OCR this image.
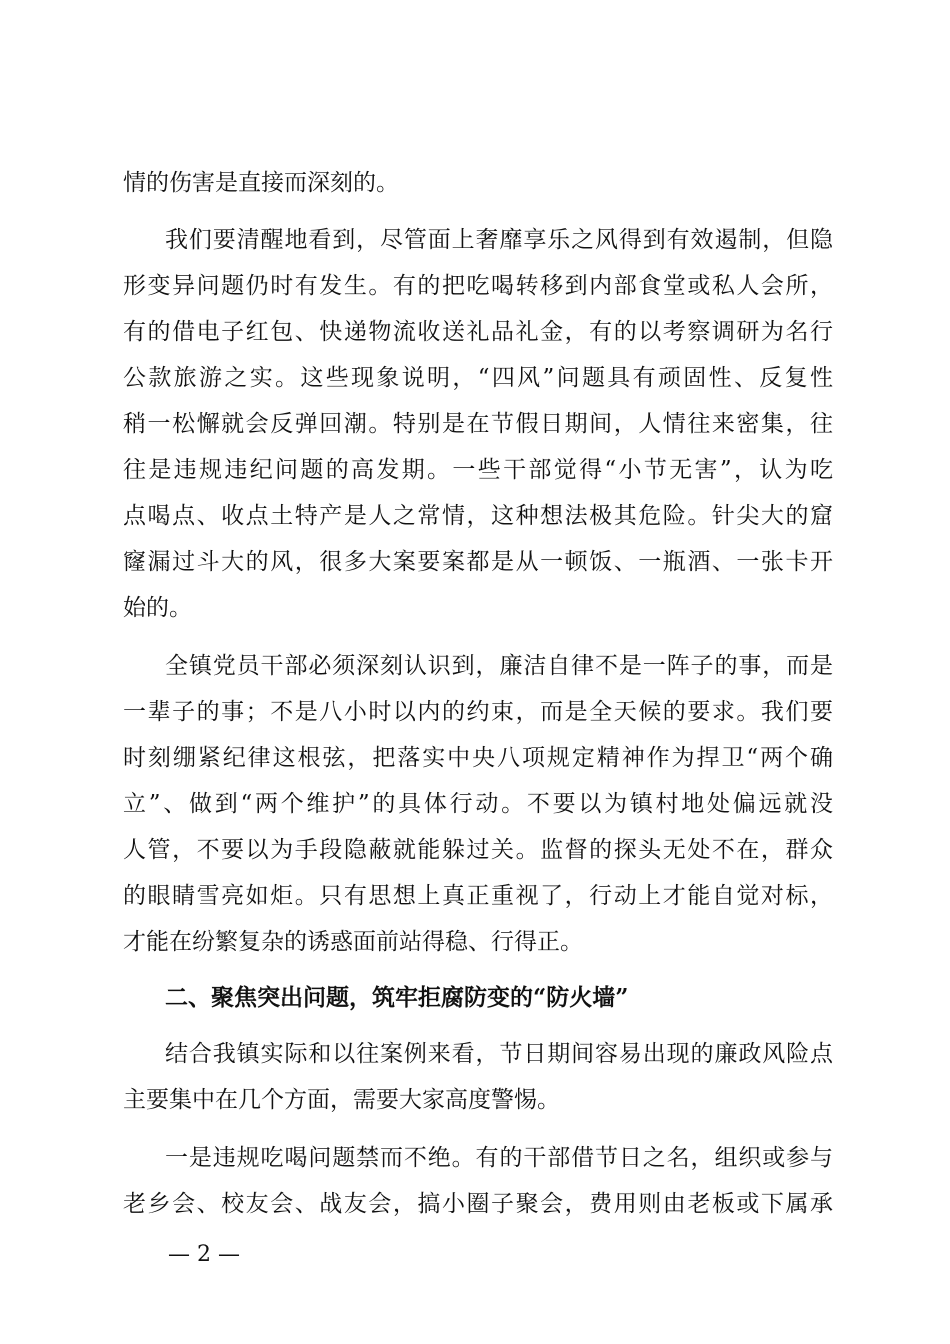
情的伤害是直接而深刻的。
我们要清醒地看到，尽管面上奢靡享乐之风得到有效遏制，但隐
形变异问题仍时有发生。有的把吃喝转移到内部食堂或私人会所，
有的借电子红包、快递物流收送礼品礼金，有的以考察调研为名行
公款旅游之实。这些现象说明，“四风”问题具有顽固性、反复性
稍一松懈就会反弹回潮。特别是在节假日期间，人情往来密集，往
往是违规违纪问题的高发期。一些干部觉得“小节无害”，认为吃
点喝点、收点土特产是人之常情，这种想法极其危险。针尖大的窟
窿漏过斗大的风，很多大案要案都是从一顿饭、一瓶酒、一张卡开
始的。
全镇党员干部必须深刻认识到，廉洁自律不是一阵子的事，而是
一辈子的事；不是八小时以内的约束，而是全天候的要求。我们要
时刻绷紧纪律这根弦，把落实中央八项规定精神作为捍卫“两个确
立”、做到“两个维护”的具体行动。不要以为镇村地处偏远就没
人管，不要以为手段隐蔽就能躲过关。监督的探头无处不在，群众
的眼睛雪亮如炬。只有思想上真正重视了，行动上才能自觉对标，
才能在纷繁复杂的诱惑面前站得稳、行得正。
二、聚焦突出问题，筑牢拒腐防变的“防火墙”
结合我镇实际和以往案例来看，节日期间容易出现的廉政风险点
主要集中在几个方面，需要大家高度警惕。
一是违规吃喝问题禁而不绝。有的干部借节日之名，组织或参与
老乡会、校友会、战友会，搞小圈子聚会，费用则由老板或下属承
— 2 —
